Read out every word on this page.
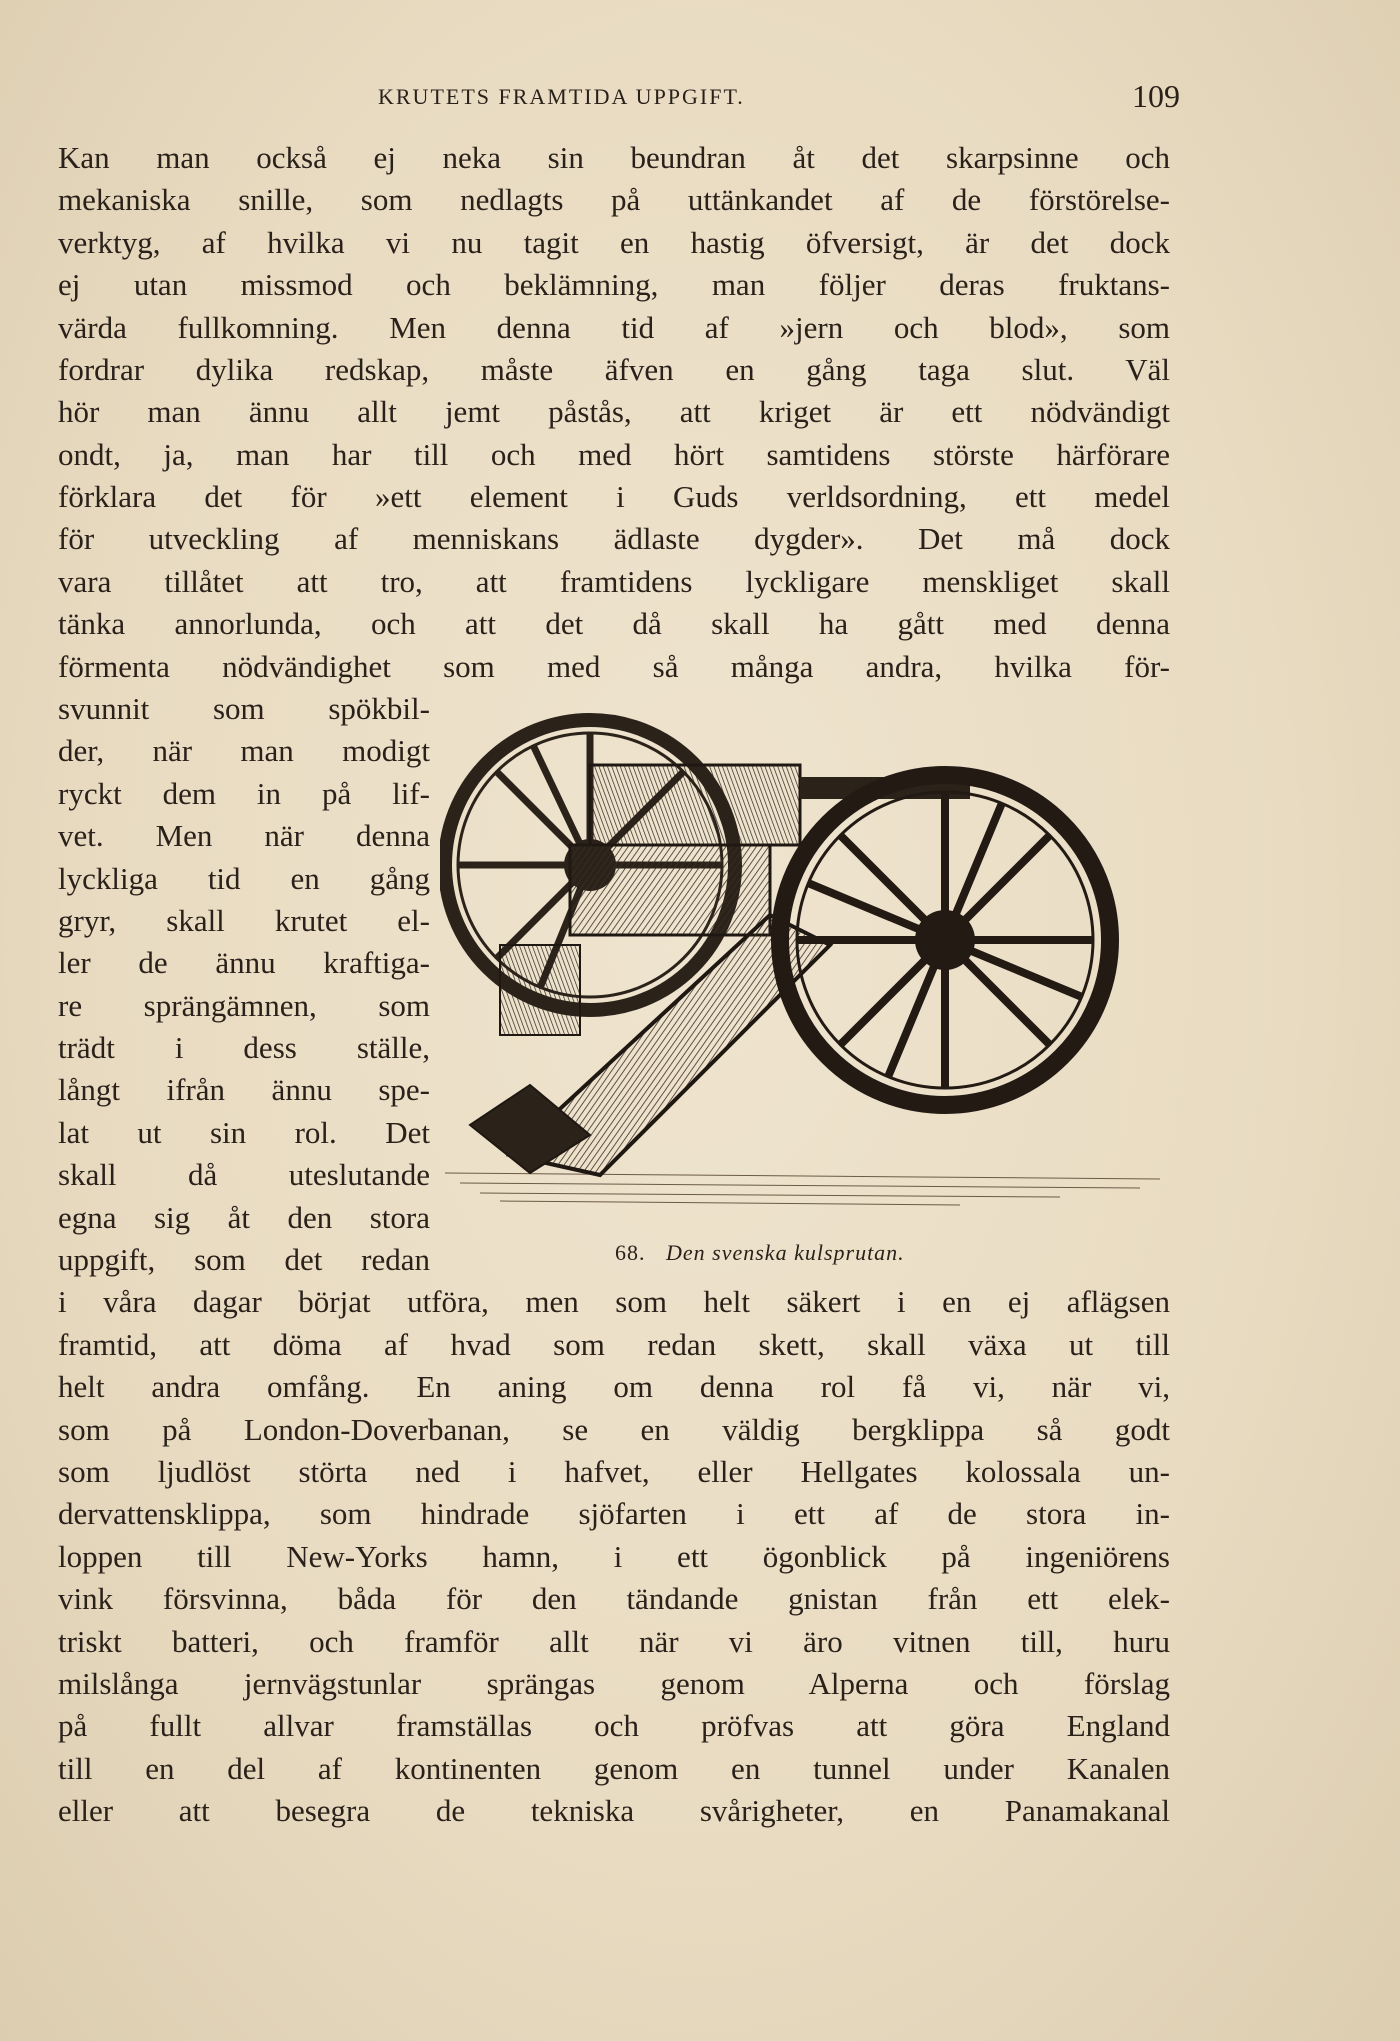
KRUTETS FRAMTIDA UPPGIFT.	109
Kan man också ej neka sin beundran åt det skarpsinne och
mekaniska snille, som nedlagts på uttänkandet af de förstörelse-
verktyg, af hvilka vi nu tagit en hastig öfversigt, är det dock
ej utan missmod och beklämning, man följer deras fruktans-
värda fullkomning. Men denna tid af »jern och blod», som
fordrar dylika redskap, måste äfven en gång taga slut. Väl
hör man ännu allt jemt påstås, att kriget är ett nödvändigt
ondt, ja, man har till och med hört samtidens störste härförare
förklara det för »ett element i Guds verldsordning, ett medel
för utveckling af menniskans ädlaste dygder». Det må dock
vara tillåtet att tro, att framtidens lyckligare menskliget skall
tänka annorlunda, och att det då skall ha gått med denna
förmenta nödvändighet som med så många andra, hvilka för-
svunnit som spökbil-
der, när man modigt
ryckt dem in på lif-
vet. Men när denna
lyckliga tid en gång
gryr, skall krutet el-
ler de ännu kraftiga-
re sprängämnen, som
trädt i dess ställe,
långt ifrån ännu spe-
lat ut sin rol. Det
skall då uteslutande
egna sig åt den stora
uppgift, som det redan	68. Den svenska kulsprutan.
i våra dagar börjat utföra, men som helt säkert i en ej aflägsen
framtid, att döma af hvad som redan skett, skall växa ut till
helt andra omfång. En aning om denna rol få vi, när vi,
som på London-Doverbanan, se en väldig bergklippa så godt
som ljudlöst störta ned i hafvet, eller Hellgates kolossala un-
dervattensklippa, som hindrade sjöfarten i ett af de stora in-
loppen till New-Yorks hamn, i ett ögonblick på ingeniörens
vink försvinna, båda för den tändande gnistan från ett elek-
triskt batteri, och framför allt när vi äro vitnen till, huru
milslånga jernvägstunlar sprängas genom Alperna och förslag
på fullt allvar framställas och pröfvas att göra England
till en del af kontinenten genom en tunnel under Kanalen
eller att besegra de tekniska svårigheter, en Panamakanal
